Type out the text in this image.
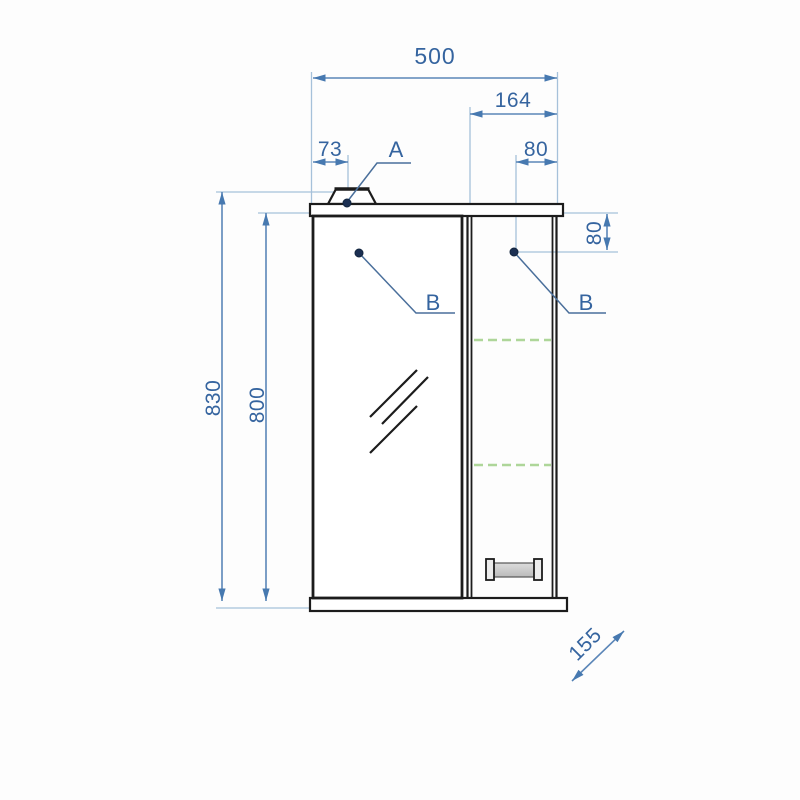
500
164
73	80
830 800
80
155
A
B	B
